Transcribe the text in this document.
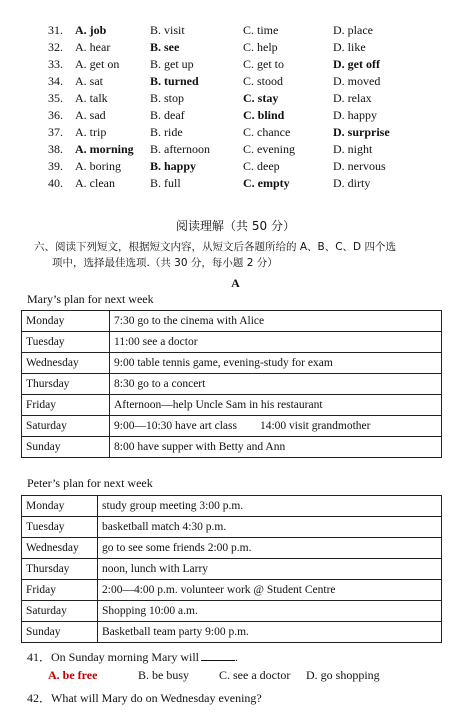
31. A. job	B. visit	C. time	D. place
32. A. hear	B. see	C. help	D. like
33. A. get on	B. get up	C. get to	D. get off
34. A. sat	B. turned	C. stood	D. moved
35. A. talk	B. stop	C. stay	D. relax
36. A. sad	B. deaf	C. blind	D. happy
37. A. trip	B. ride	C. chance	D. surprise
38. A. morning B. afternoon	C. evening	D. night
39. A. boring B. happy	C. deep	D. nervous
40. A. clean	B. full	C. empty	D. dirty
阅读理解（共 50 分）
六、阅读下列短文，根据短文内容，从短文后各题所给的 A、B、C、D 四个选
项中，选择最佳选项.（共 30 分，每小题 2 分）
A
Mary’s plan for next week
Monday	7:30 go to the cinema with Alice
Tuesday	11:00 see a doctor
Wednesday	9:00 table tennis game, evening-study for exam
Thursday	8:30 go to a concert
Friday	Afternoon—help Uncle Sam in his restaurant
Saturday	9:00—10:30 have art class        14:00 visit grandmother
Sunday	8:00 have supper with Betty and Ann
Peter’s plan for next week
Monday	study group meeting 3:00 p.m.
Tuesday	basketball match 4:30 p.m.
Wednesday	go to see some friends 2:00 p.m.
Thursday	noon, lunch with Larry
Friday	2:00—4:00 p.m. volunteer work @ Student Centre
Saturday	Shopping 10:00 a.m.
Sunday	Basketball team party 9:00 p.m.
41．On Sunday morning Mary will	.
A. be free	B. be busy	C. see a doctor D. go shopping
42．What will Mary do on Wednesday evening?
